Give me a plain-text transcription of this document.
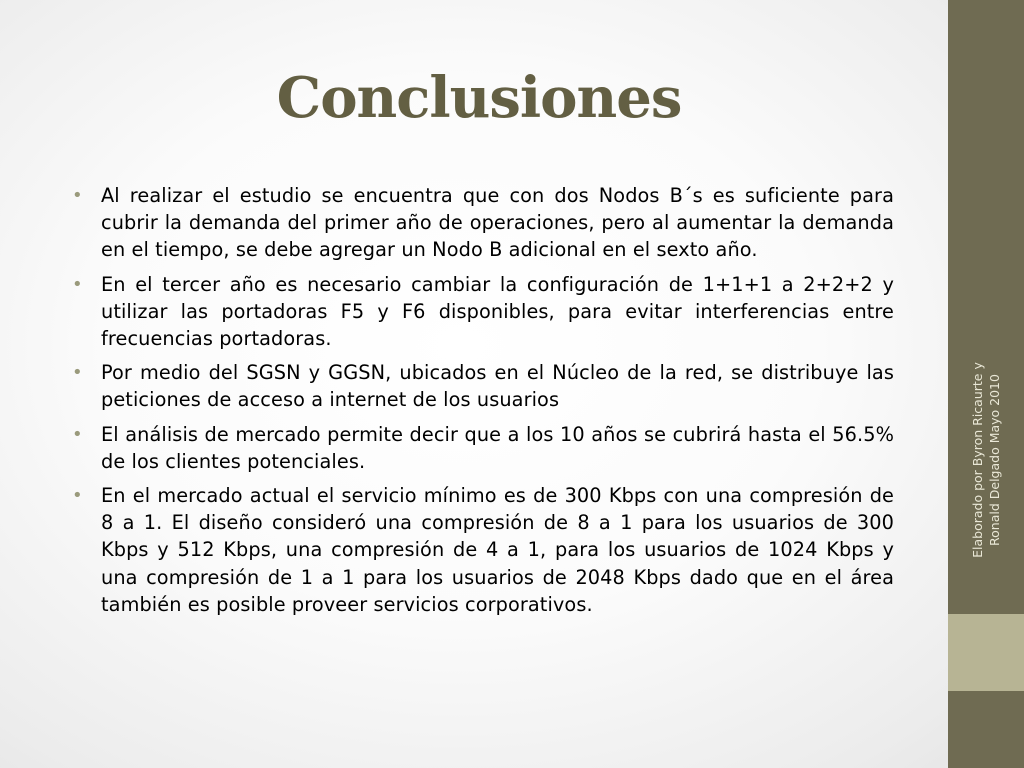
Conclusiones
• Al realizar el estudio se encuentra que con dos Nodos B´s es suficiente para cubrir la demanda del primer año de operaciones, pero al aumentar la demanda en el tiempo, se debe agregar un Nodo B adicional en el sexto año.
• En el tercer año es necesario cambiar la configuración de 1+1+1 a 2+2+2 y utilizar las portadoras F5 y F6 disponibles, para evitar interferencias entre frecuencias portadoras.
• Por medio del SGSN y GGSN, ubicados en el Núcleo de la red, se distribuye las peticiones de acceso a internet de los usuarios
• El análisis de mercado permite decir que a los 10 años se cubrirá hasta el 56.5% de los clientes potenciales.
• En el mercado actual el servicio mínimo es de 300 Kbps con una compresión de 8 a 1. El diseño consideró una compresión de 8 a 1 para los usuarios de 300 Kbps y 512 Kbps, una compresión de 4 a 1, para los usuarios de 1024 Kbps y una compresión de 1 a 1 para los usuarios de 2048 Kbps dado que en el área también es posible proveer servicios corporativos.
Elaborado por Byron Ricaurte y Ronald Delgado Mayo 2010
